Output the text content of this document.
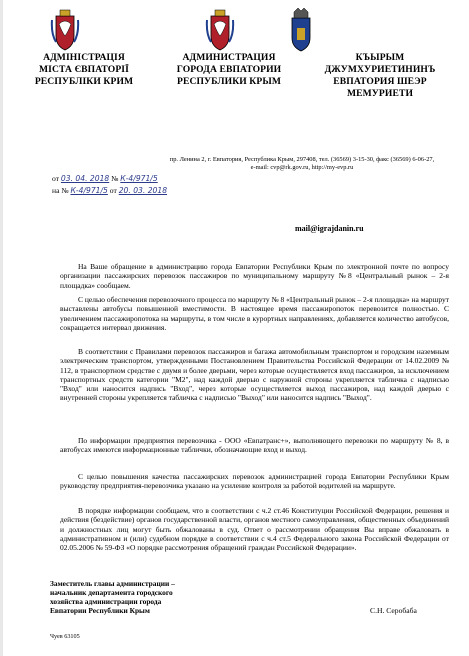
АДМІНІСТРАЦІЯ
МІСТА ЄВПАТОРІЇ
РЕСПУБЛІКИ КРИМ
АДМИНИСТРАЦИЯ
ГОРОДА ЕВПАТОРИИ
РЕСПУБЛИКИ КРЫМ
КЪЫРЫМ
ДЖУМХУРИЕТИНИНЪ
ЕВПАТОРИЯ ШЕЭР
МЕМУРИЕТИ
пр. Ленина 2, г. Евпатория, Республика Крым, 297408, тел. (36569) 3-15-30, факс (36569) 6-06-27,
e-mail: cvp@rk.gov.ru, http://my-evp.ru
от 03. 04. 2018 № К-4/971/5
на № К-4/971/5 от 20. 03. 2018
mail@igrajdanin.ru
На Ваше обращение в администрацию города Евпатории Республики Крым по электронной почте по вопросу организации пассажирских перевозок пассажиров по муниципальному маршруту №8 «Центральный рынок – 2-я площадка» сообщаем.
С целью обеспечения перевозочного процесса по маршруту № 8 «Центральный рынок – 2-я площадка» на маршрут выставлены автобусы повышенной вместимости. В настоящее время пассажиропоток перевозится полностью. С увеличением пассажиропотока на маршруты, в том числе в курортных направлениях, добавляется количество автобусов, сокращается интервал движения.
В соответствии с Правилами перевозок пассажиров и багажа автомобильным транспортом и городским наземным электрическим транспортом, утвержденными Постановлением Правительства Российской Федерации от 14.02.2009 № 112, в транспортном средстве с двумя и более дверьми, через которые осуществляется вход пассажиров, за исключением транспортных средств категории "M2", над каждой дверью с наружной стороны укрепляется табличка с надписью "Вход" или наносится надпись "Вход", через которые осуществляется выход пассажиров, над каждой дверью с внутренней стороны укрепляется табличка с надписью "Выход" или наносится надпись "Выход".
По информации предприятия перевозчика - ООО «Евпатранс+», выполняющего перевозки по маршруту № 8, в автобусах имеются информационные таблички, обозначающие вход и выход.
С целью повышения качества пассажирских перевозок администрацией города Евпатории Республики Крым руководству предприятия-перевозчика указано на усиление контроля за работой водителей на маршруте.
В порядке информации сообщаем, что в соответствии с ч.2 ст.46 Конституции Российской Федерации, решения и действия (бездействие) органов государственной власти, органов местного самоуправления, общественных объединений и должностных лиц могут быть обжалованы в суд. Ответ о рассмотрении обращения Вы вправе обжаловать в административном и (или) судебном порядке в соответствии с ч.4 ст.5 Федерального закона Российской Федерации от 02.05.2006 № 59-ФЗ «О порядке рассмотрения обращений граждан Российской Федерации».
Заместитель главы администрации –
начальник департамента городского
хозяйства администрации города
Евпатории Республики Крым	С.Н. Серобаба
Чуев 63105
